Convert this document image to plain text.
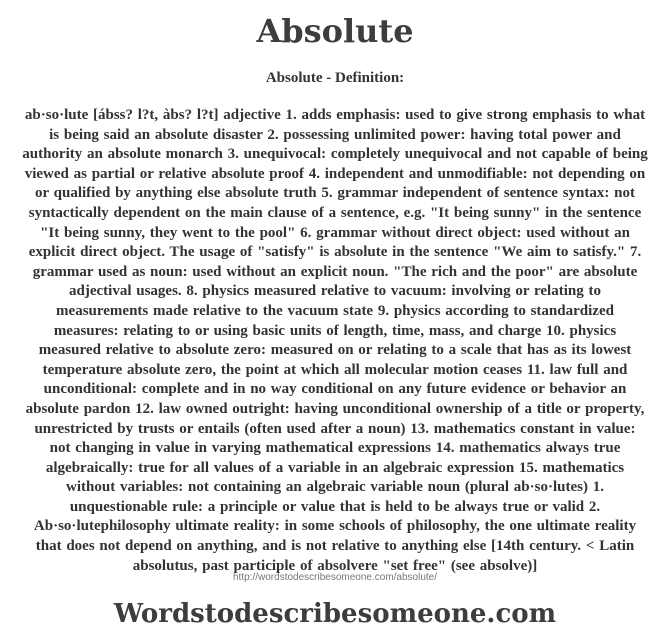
Absolute
Absolute - Definition:
ab·so·lute [ábss? l?t, àbs? l?t] adjective 1. adds emphasis: used to give strong emphasis to what is being said an absolute disaster 2. possessing unlimited power: having total power and authority an absolute monarch 3. unequivocal: completely unequivocal and not capable of being viewed as partial or relative absolute proof 4. independent and unmodifiable: not depending on or qualified by anything else absolute truth 5. grammar independent of sentence syntax: not syntactically dependent on the main clause of a sentence, e.g. "It being sunny" in the sentence "It being sunny, they went to the pool" 6. grammar without direct object: used without an explicit direct object. The usage of "satisfy" is absolute in the sentence "We aim to satisfy." 7. grammar used as noun: used without an explicit noun. "The rich and the poor" are absolute adjectival usages. 8. physics measured relative to vacuum: involving or relating to measurements made relative to the vacuum state 9. physics according to standardized measures: relating to or using basic units of length, time, mass, and charge 10. physics measured relative to absolute zero: measured on or relating to a scale that has as its lowest temperature absolute zero, the point at which all molecular motion ceases 11. law full and unconditional: complete and in no way conditional on any future evidence or behavior an absolute pardon 12. law owned outright: having unconditional ownership of a title or property, unrestricted by trusts or entails (often used after a noun) 13. mathematics constant in value: not changing in value in varying mathematical expressions 14. mathematics always true algebraically: true for all values of a variable in an algebraic expression 15. mathematics without variables: not containing an algebraic variable noun (plural ab·so·lutes) 1. unquestionable rule: a principle or value that is held to be always true or valid 2. Ab·so·lutephilosophy ultimate reality: in some schools of philosophy, the one ultimate reality that does not depend on anything, and is not relative to anything else [14th century. < Latin absolutus, past participle of absolvere "set free" (see absolve)]
http://wordstodescribesomeone.com/absolute/
Wordstodescribesomeone.com
